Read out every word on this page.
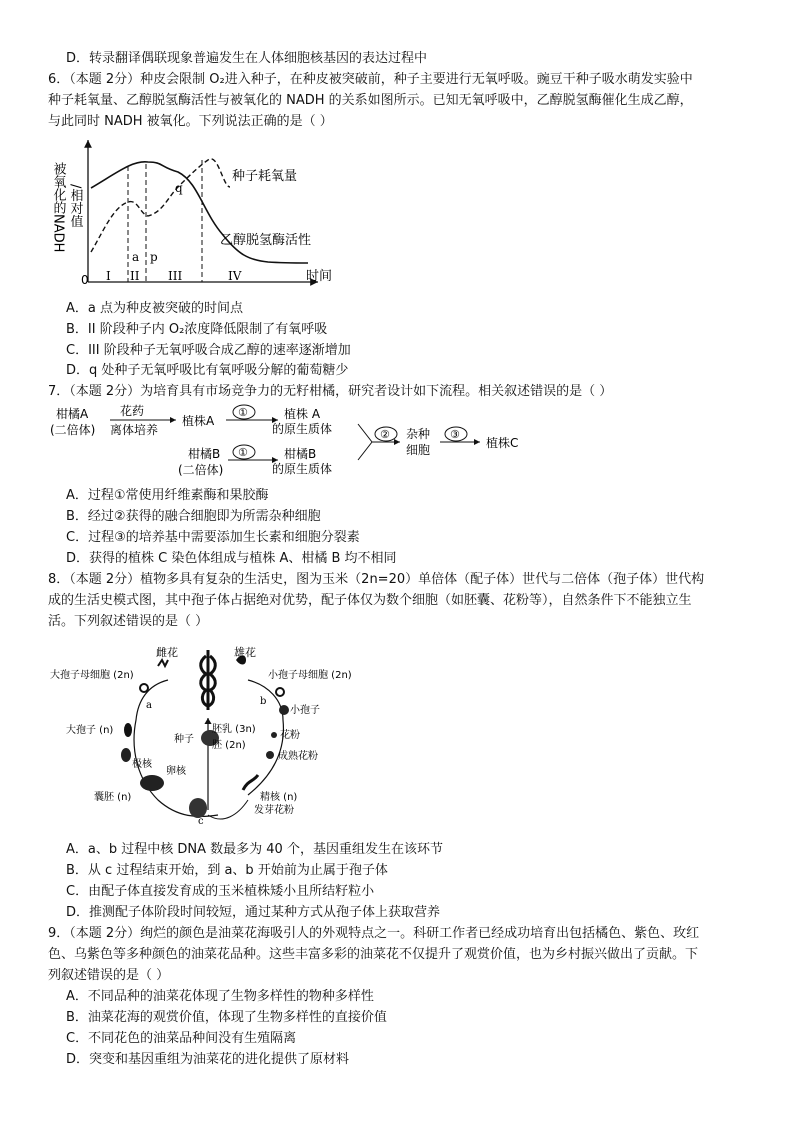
D．转录翻译偶联现象普遍发生在人体细胞核基因的表达过程中
6．（本题 2分）种皮会限制 O₂进入种子，在种皮被突破前，种子主要进行无氧呼吸。豌豆干种子吸水萌发实验中
种子耗氧量、乙醇脱氢酶活性与被氧化的 NADH 的关系如图所示。已知无氧呼吸中，乙醇脱氢酶催化生成乙醇，
与此同时 NADH 被氧化。下列说法正确的是（ ）
被氧化的NADH /相对值
时间
0
种子耗氧量
乙醇脱氢酶活性
a p
q
I II III	IV
A．a 点为种皮被突破的时间点
B．II 阶段种子内 O₂浓度降低限制了有氧呼吸
C．III 阶段种子无氧呼吸合成乙醇的速率逐渐增加
D．q 处种子无氧呼吸比有氧呼吸分解的葡萄糖少
7．（本题 2分）为培育具有市场竞争力的无籽柑橘，研究者设计如下流程。相关叙述错误的是（ ）
柑橘A
(二倍体)
花药
离体培养
植株A
①	植株 A
的原生质体
柑橘B
(二倍体)
①	柑橘B
的原生质体
② 杂种
细胞
③
植株C
A．过程①常使用纤维素酶和果胶酶
B．经过②获得的融合细胞即为所需杂种细胞
C．过程③的培养基中需要添加生长素和细胞分裂素
D．获得的植株 C 染色体组成与植株 A、柑橘 B 均不相同
8．（本题 2分）植物多具有复杂的生活史，图为玉米（2n=20）单倍体（配子体）世代与二倍体（孢子体）世代构
成的生活史模式图，其中孢子体占据绝对优势，配子体仅为数个细胞（如胚囊、花粉等），自然条件下不能独立生
活。下列叙述错误的是（ ）
雌花	雄花
大孢子母细胞 (2n)	小孢子母细胞 (2n)
大孢子 (n)
小孢子
种子
胚乳 (3n)
胚 (2n)
花粉
成熟花粉
极核
卵核
囊胚 (n)	精核 (n)
发芽花粉
a	b
c
A．a、b 过程中核 DNA 数最多为 40 个，基因重组发生在该环节
B．从 c 过程结束开始，到 a、b 开始前为止属于孢子体
C．由配子体直接发育成的玉米植株矮小且所结籽粒小
D．推测配子体阶段时间较短，通过某种方式从孢子体上获取营养
9．（本题 2分）绚烂的颜色是油菜花海吸引人的外观特点之一。科研工作者已经成功培育出包括橘色、紫色、玫红
色、乌紫色等多种颜色的油菜花品种。这些丰富多彩的油菜花不仅提升了观赏价值，也为乡村振兴做出了贡献。下
列叙述错误的是（ ）
A．不同品种的油菜花体现了生物多样性的物种多样性
B．油菜花海的观赏价值，体现了生物多样性的直接价值
C．不同花色的油菜品种间没有生殖隔离
D．突变和基因重组为油菜花的进化提供了原材料
